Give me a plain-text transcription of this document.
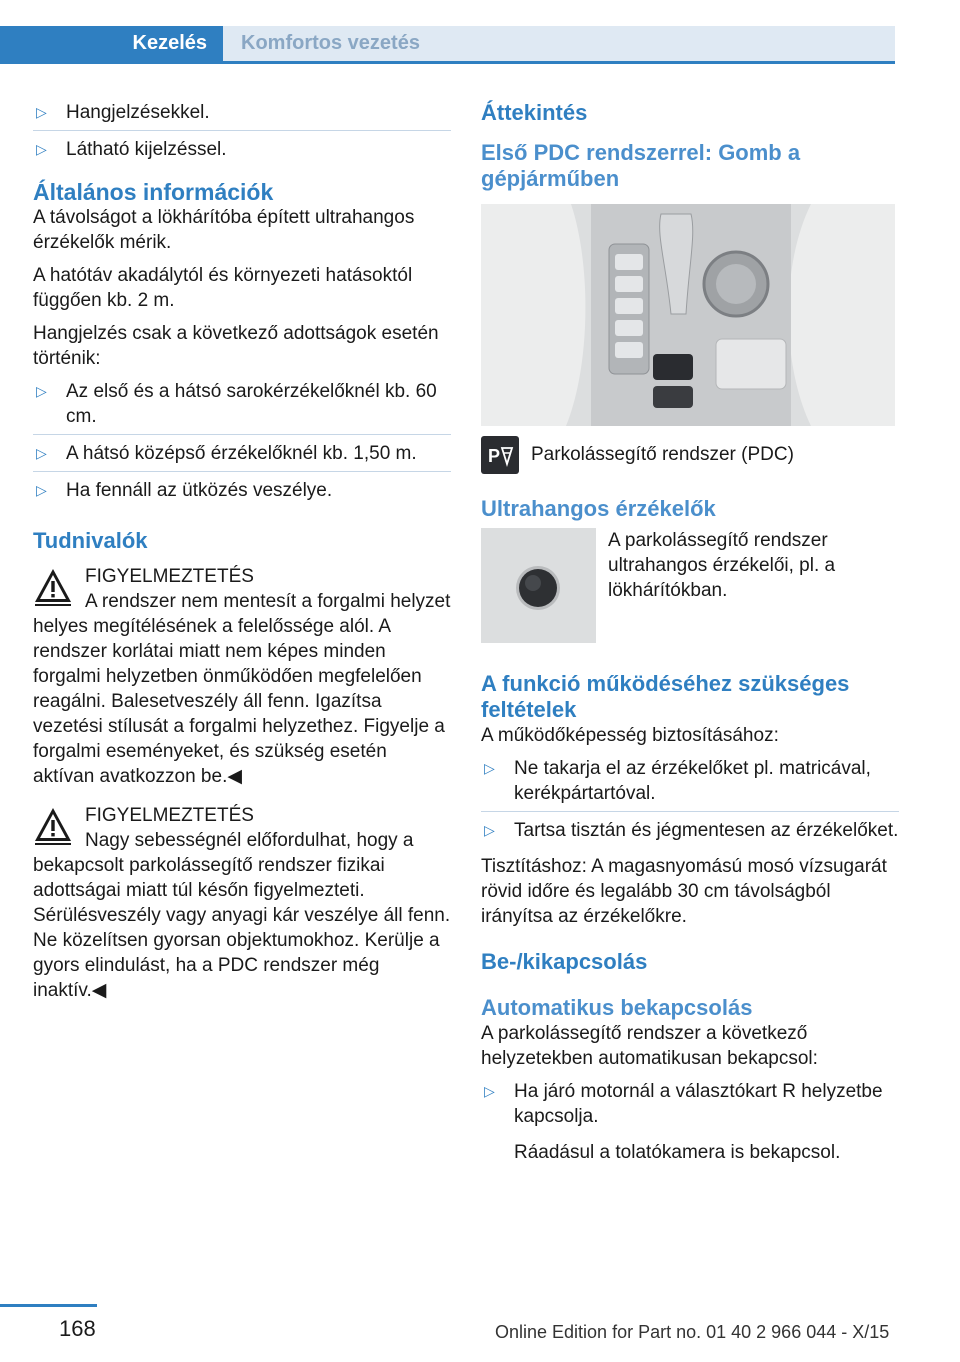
Kezelés	Komfortos vezetés
▷ Hangjelzésekkel.
▷ Látható kijelzéssel.
Általános információk

A távolságot a lökhárítóba épített ultrahangos érzékelők mérik.

A hatótáv akadálytól és környezeti hatásoktól függően kb. 2 m.

Hangjelzés csak a következő adottságok esetén történik:

▷ Az első és a hátsó sarokérzékelőknél kb. 60 cm.
▷ A hátsó középső érzékelőknél kb. 1,50 m.
▷ Ha fennáll az ütközés veszélye.
Tudnivalók
FIGYELMEZTETÉS
A rendszer nem mentesít a forgalmi helyzet helyes megítélésének a felelőssége alól. A rendszer korlátai miatt nem képes minden forgalmi helyzetben önműködően megfelelően reagálni. Balesetveszély áll fenn. Igazítsa vezetési stílusát a forgalmi helyzethez. Figyelje a forgalmi eseményeket, és szükség esetén aktívan avatkozzon be.◀
FIGYELMEZTETÉS
Nagy sebességnél előfordulhat, hogy a bekapcsolt parkolássegítő rendszer fizikai adottságai miatt túl későn figyelmezteti. Sérülésveszély vagy anyagi kár veszélye áll fenn. Ne közelítsen gyorsan objektumokhoz. Kerülje a gyors elindulást, ha a PDC rendszer még inaktív.◀
Áttekintés
Első PDC rendszerrel: Gomb a gépjárműben
P Parkolássegítő rendszer (PDC)
Ultrahangos érzékelők
A parkolássegítő rendszer ultrahangos érzékelői, pl. a lökhárítókban.
A funkció működéséhez szükséges feltételek

A működőképesség biztosításához:

▷ Ne takarja el az érzékelőket pl. matricával, kerékpártartóval.
▷ Tartsa tisztán és jégmentesen az érzékelőket.

Tisztításhoz: A magasnyomású mosó vízsugarát rövid időre és legalább 30 cm távolságból irányítsa az érzékelőkre.

Be-/kikapcsolás
Automatikus bekapcsolás

A parkolássegítő rendszer a következő helyzetekben automatikusan bekapcsol:

▷ Ha járó motornál a választókart R helyzetbe kapcsolja.

Ráadásul a tolatókamera is bekapcsol.

168	Online Edition for Part no. 01 40 2 966 044 - X/15
